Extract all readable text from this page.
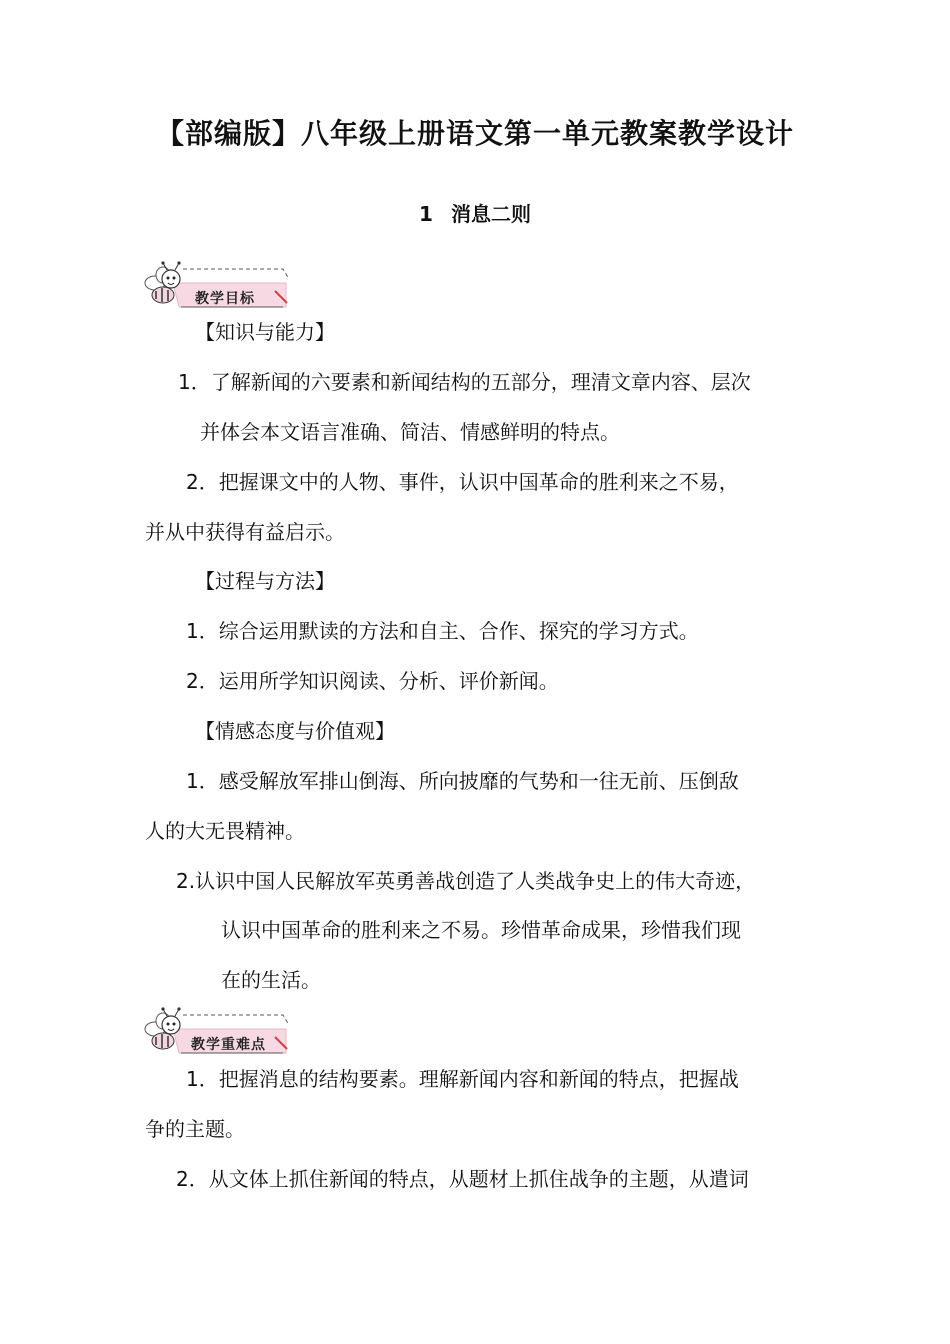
【部编版】八年级上册语文第一单元教案教学设计
1 消息二则
教学目标

【知识与能力】

1．了解新闻的六要素和新闻结构的五部分，理清文章内容、层次

并体会本文语言准确、简洁、情感鲜明的特点。

2．把握课文中的人物、事件，认识中国革命的胜利来之不易，

并从中获得有益启示。

【过程与方法】

1．综合运用默读的方法和自主、合作、探究的学习方式。

2．运用所学知识阅读、分析、评价新闻。

【情感态度与价值观】

1．感受解放军排山倒海、所向披靡的气势和一往无前、压倒敌

人的大无畏精神。

2.认识中国人民解放军英勇善战创造了人类战争史上的伟大奇迹，

认识中国革命的胜利来之不易。珍惜革命成果，珍惜我们现

在的生活。

教学重难点

1．把握消息的结构要素。理解新闻内容和新闻的特点，把握战

争的主题。

2．从文体上抓住新闻的特点，从题材上抓住战争的主题，从遣词
